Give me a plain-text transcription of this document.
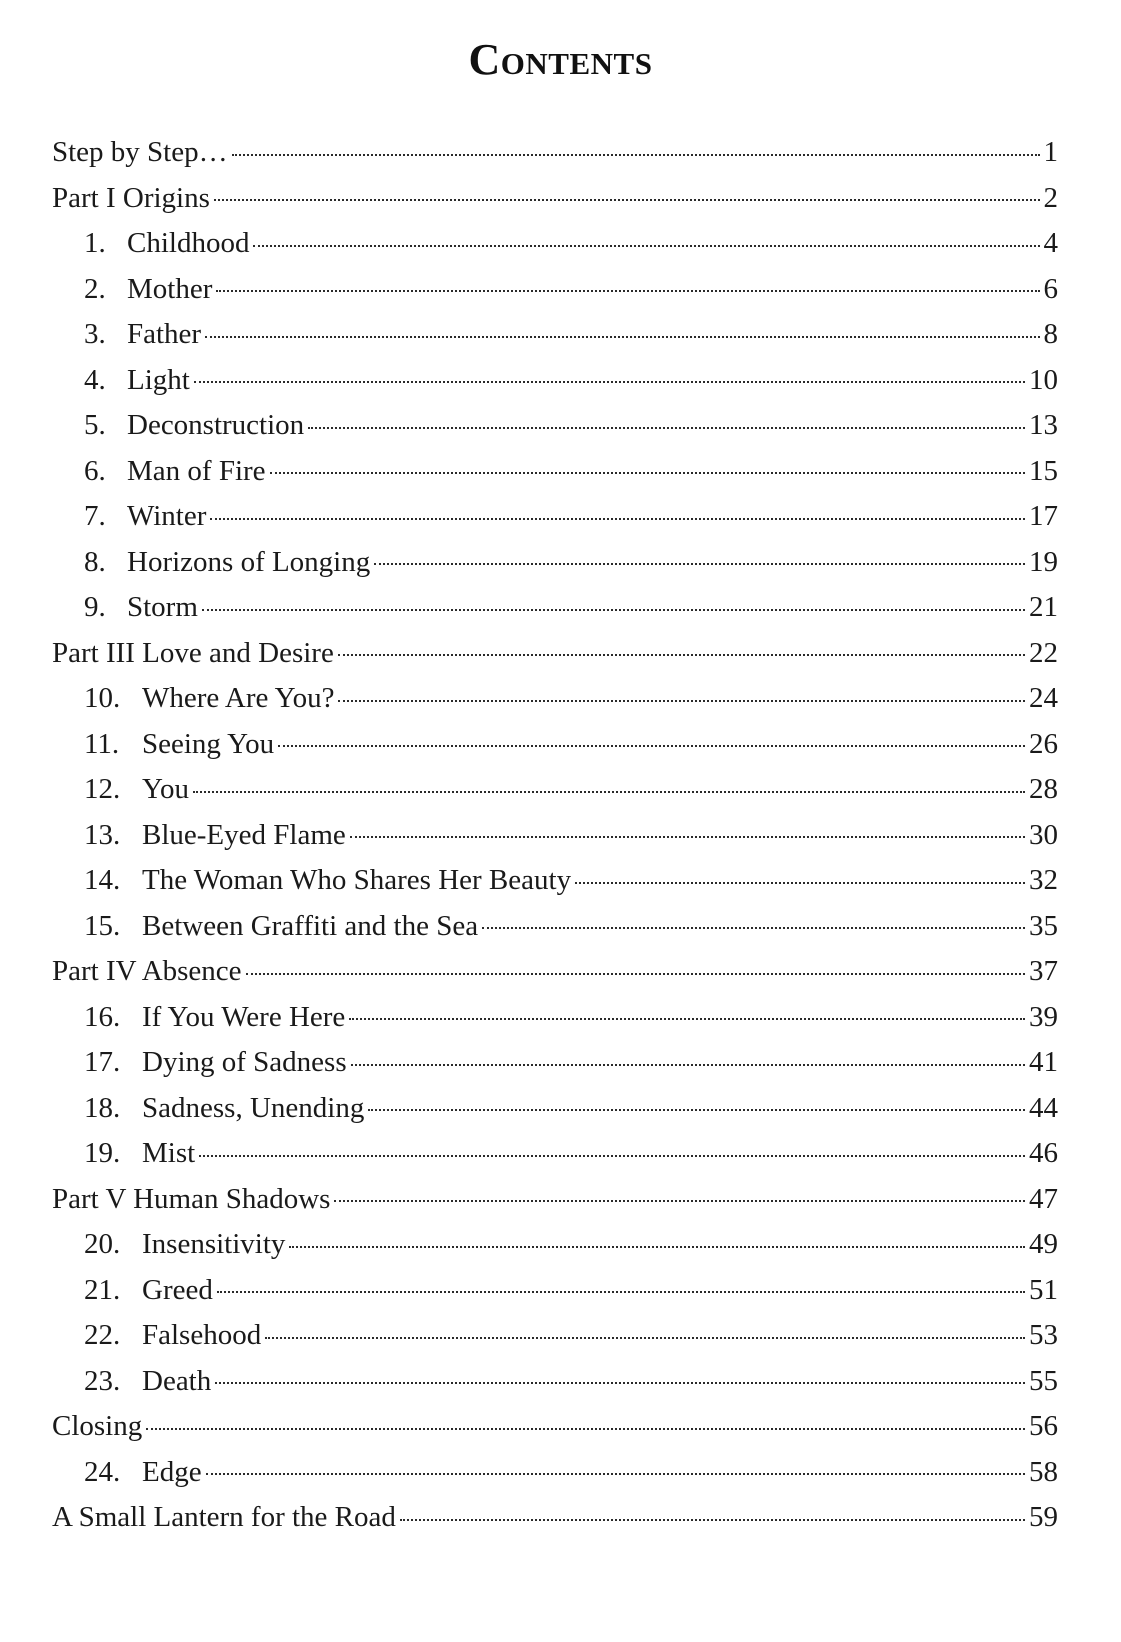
Contents
Step by Step…	1
Part I Origins	2
1. Childhood	4
2. Mother	6
3. Father	8
4. Light	10
5. Deconstruction	13
6. Man of Fire	15
7. Winter	17
8. Horizons of Longing	19
9. Storm	21
Part III Love and Desire	22
10. Where Are You?	24
11. Seeing You	26
12. You	28
13. Blue-Eyed Flame	30
14. The Woman Who Shares Her Beauty	32
15. Between Graffiti and the Sea	35
Part IV Absence	37
16. If You Were Here	39
17. Dying of Sadness	41
18. Sadness, Unending	44
19. Mist	46
Part V Human Shadows	47
20. Insensitivity	49
21. Greed	51
22. Falsehood	53
23. Death	55
Closing	56
24. Edge	58
A Small Lantern for the Road	59
